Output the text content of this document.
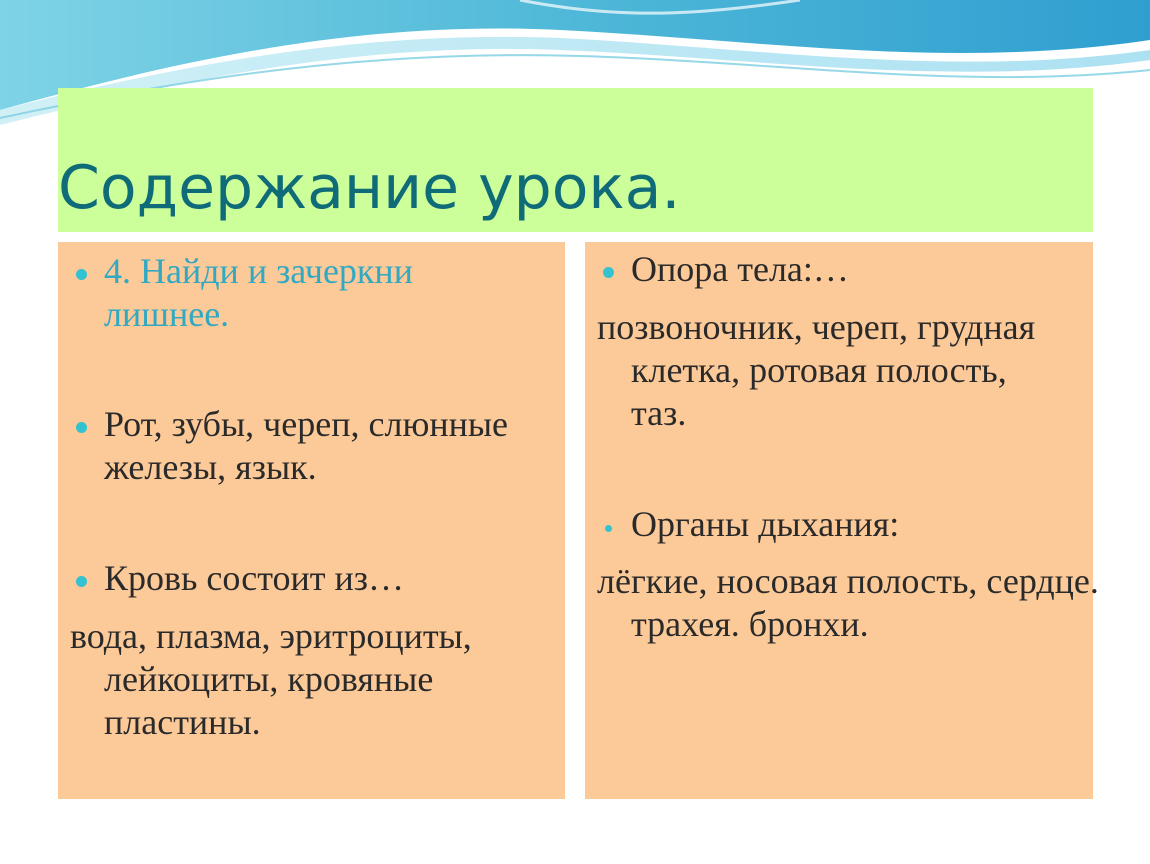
Содержание урока.
4. Найди и зачеркни лишнее.
Рот, зубы, череп, слюнные железы, язык.
Кровь состоит из…
вода, плазма, эритроциты, лейкоциты, кровяные пластины.
Опора тела:…
позвоночник, череп, грудная клетка, ротовая полость, таз.
Органы дыхания:
лёгкие, носовая полость, сердце. трахея. бронхи.
